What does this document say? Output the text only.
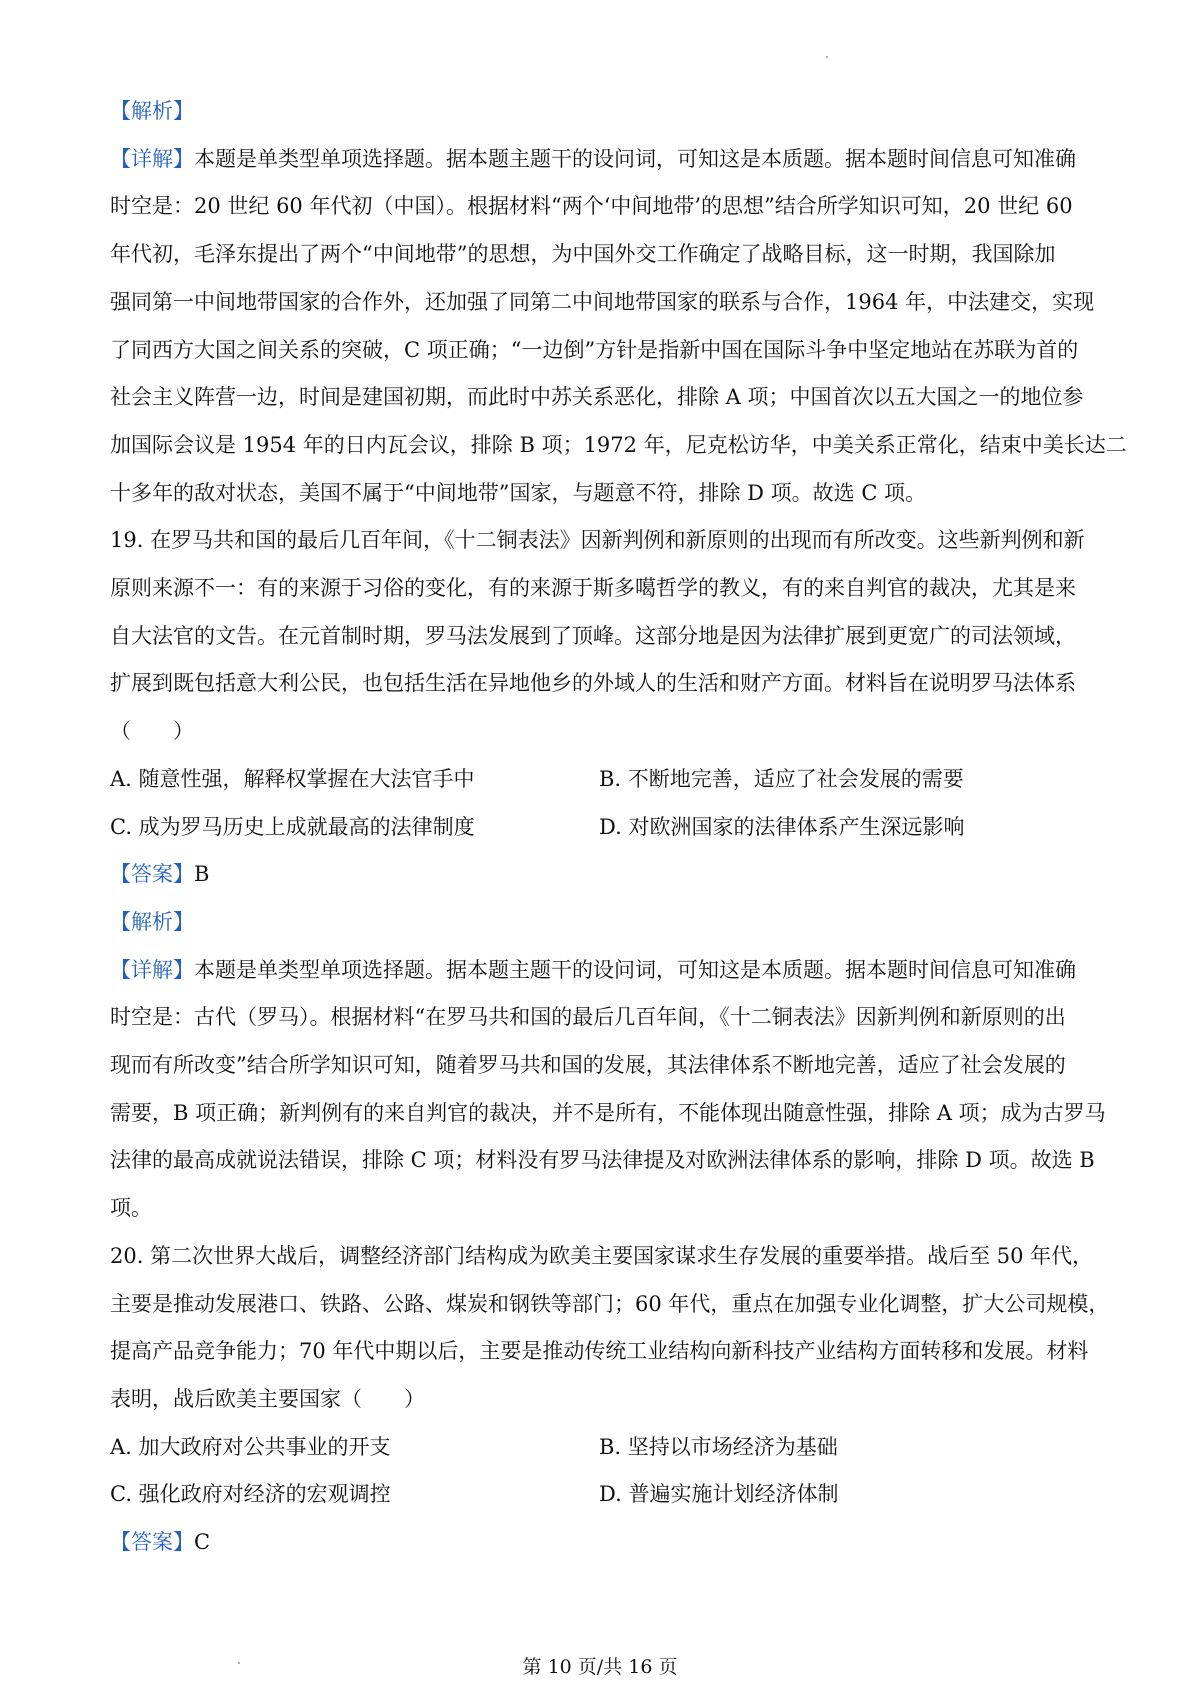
【解析】
【详解】本题是单类型单项选择题。据本题主题干的设问词，可知这是本质题。据本题时间信息可知准确
时空是：20 世纪 60 年代初（中国）。根据材料“两个‘中间地带’的思想”结合所学知识可知，20 世纪 60
年代初，毛泽东提出了两个“中间地带”的思想，为中国外交工作确定了战略目标，这一时期，我国除加
强同第一中间地带国家的合作外，还加强了同第二中间地带国家的联系与合作，1964 年，中法建交，实现
了同西方大国之间关系的突破，C 项正确；“一边倒”方针是指新中国在国际斗争中坚定地站在苏联为首的
社会主义阵营一边，时间是建国初期，而此时中苏关系恶化，排除 A 项；中国首次以五大国之一的地位参
加国际会议是 1954 年的日内瓦会议，排除 B 项；1972 年，尼克松访华，中美关系正常化，结束中美长达二
十多年的敌对状态，美国不属于“中间地带”国家，与题意不符，排除 D 项。故选 C 项。
19. 在罗马共和国的最后几百年间，《十二铜表法》因新判例和新原则的出现而有所改变。这些新判例和新
原则来源不一：有的来源于习俗的变化，有的来源于斯多噶哲学的教义，有的来自判官的裁决，尤其是来
自大法官的文告。在元首制时期，罗马法发展到了顶峰。这部分地是因为法律扩展到更宽广的司法领域，
扩展到既包括意大利公民，也包括生活在异地他乡的外域人的生活和财产方面。材料旨在说明罗马法体系
（　　）
A. 随意性强，解释权掌握在大法官手中	B. 不断地完善，适应了社会发展的需要
C. 成为罗马历史上成就最高的法律制度	D. 对欧洲国家的法律体系产生深远影响
【答案】B
【解析】
【详解】本题是单类型单项选择题。据本题主题干的设问词，可知这是本质题。据本题时间信息可知准确
时空是：古代（罗马）。根据材料“在罗马共和国的最后几百年间，《十二铜表法》因新判例和新原则的出
现而有所改变”结合所学知识可知，随着罗马共和国的发展，其法律体系不断地完善，适应了社会发展的
需要，B 项正确；新判例有的来自判官的裁决，并不是所有，不能体现出随意性强，排除 A 项；成为古罗马
法律的最高成就说法错误，排除 C 项；材料没有罗马法律提及对欧洲法律体系的影响，排除 D 项。故选 B
项。
20. 第二次世界大战后，调整经济部门结构成为欧美主要国家谋求生存发展的重要举措。战后至 50 年代，
主要是推动发展港口、铁路、公路、煤炭和钢铁等部门；60 年代，重点在加强专业化调整，扩大公司规模，
提高产品竞争能力；70 年代中期以后，主要是推动传统工业结构向新科技产业结构方面转移和发展。材料
表明，战后欧美主要国家（　　）
A. 加大政府对公共事业的开支	B. 坚持以市场经济为基础
C. 强化政府对经济的宏观调控	D. 普遍实施计划经济体制
【答案】C
第 10 页/共 16 页
